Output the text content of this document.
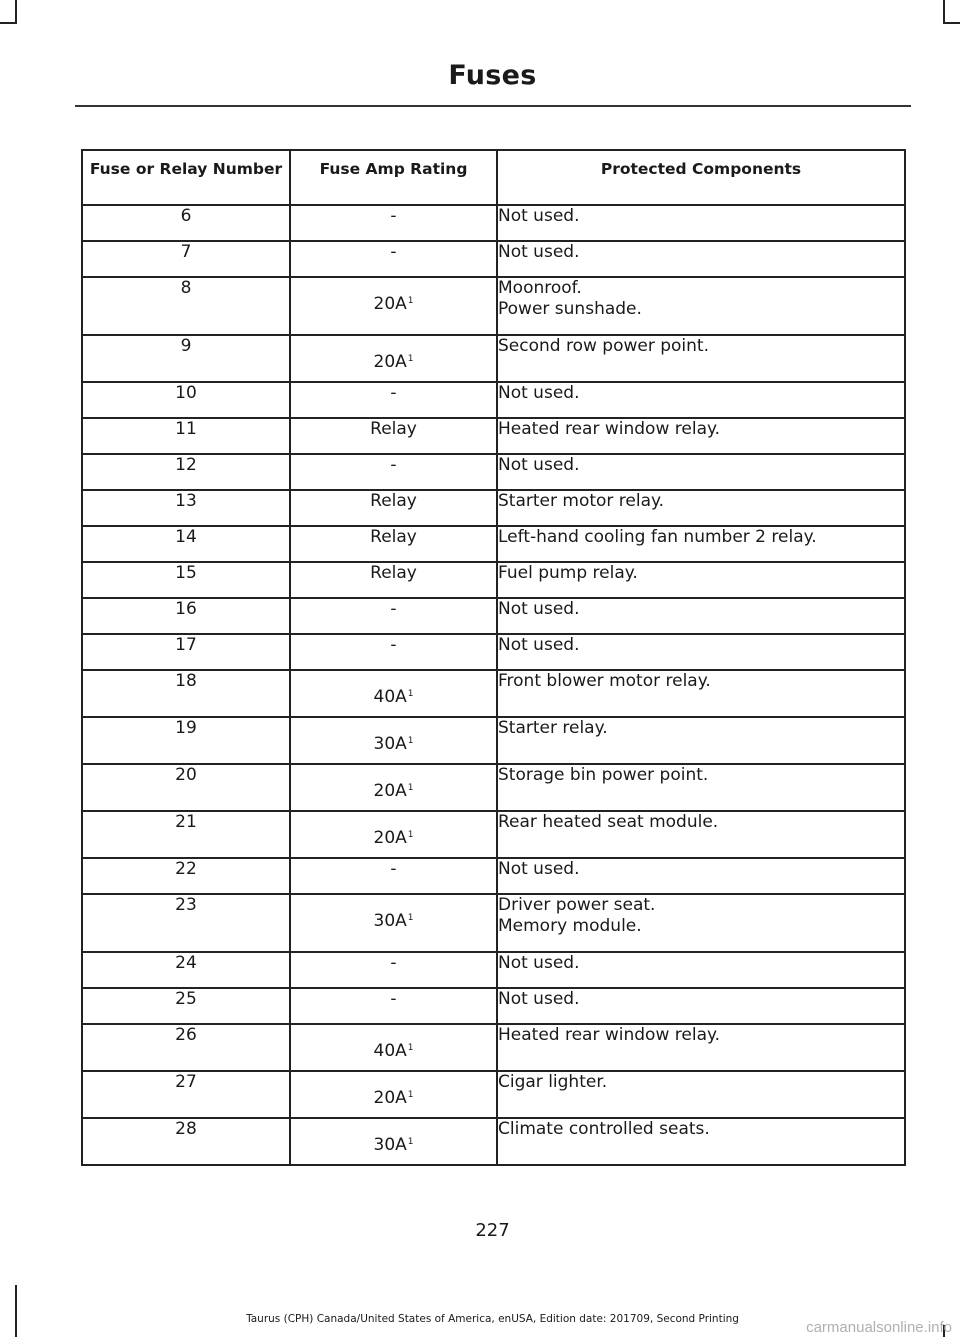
Fuses
Fuse or Relay Number	Fuse Amp Rating	Protected Components
6	-	Not used.
7	-	Not used.
8	20A$^1$	Moonroof.
Power sunshade.
9	20A$^1$	Second row power point.
10	-	Not used.
11	Relay	Heated rear window relay.
12	-	Not used.
13	Relay	Starter motor relay.
14	Relay	Left-hand cooling fan number 2 relay.
15	Relay	Fuel pump relay.
16	-	Not used.
17	-	Not used.
18	40A$^1$	Front blower motor relay.
19	30A$^1$	Starter relay.
20	20A$^1$	Storage bin power point.
21	20A$^1$	Rear heated seat module.
22	-	Not used.
23	30A$^1$	Driver power seat.
Memory module.
24	-	Not used.
25	-	Not used.
26	40A$^1$	Heated rear window relay.
27	20A$^1$	Cigar lighter.
28	30A$^1$	Climate controlled seats.
227
Taurus (CPH) Canada/United States of America, enUSA, Edition date: 201709, Second Printing	carmanualsonline.info
